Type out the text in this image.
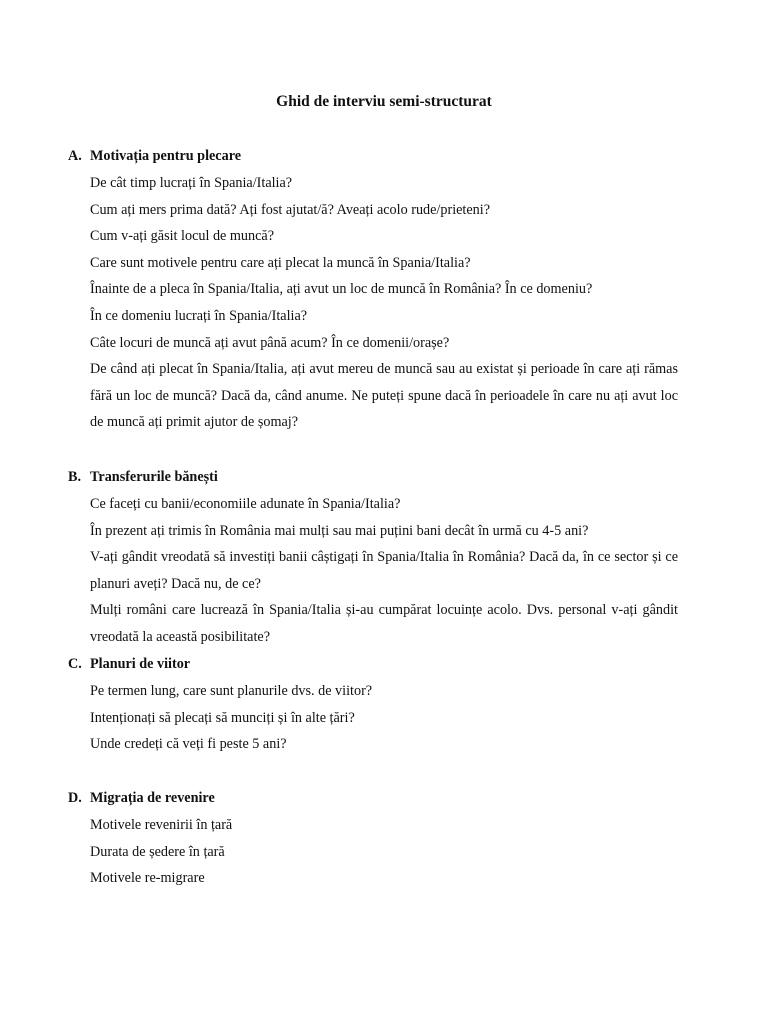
Ghid de interviu semi-structurat
A. Motivația pentru plecare
De cât timp lucrați în Spania/Italia?
Cum ați mers prima dată? Ați fost ajutat/ă? Aveați acolo rude/prieteni?
Cum v-ați găsit locul de muncă?
Care sunt motivele pentru care ați plecat la muncă în Spania/Italia?
Înainte de a pleca în Spania/Italia, ați avut un loc de muncă în România? În ce domeniu?
În ce domeniu lucrați în Spania/Italia?
Câte locuri de muncă ați avut până acum? În ce domenii/orașe?
De când ați plecat în Spania/Italia, ați avut mereu de muncă sau au existat și perioade în care ați rămas fără un loc de muncă? Dacă da, când anume. Ne puteți spune dacă în perioadele în care nu ați avut loc de muncă ați primit ajutor de șomaj?
B. Transferurile bănești
Ce faceți cu banii/economiile adunate în Spania/Italia?
În prezent ați trimis în România mai mulți sau mai puțini bani decât în urmă cu 4-5 ani?
V-ați gândit vreodată să investiți banii câștigați în Spania/Italia în România? Dacă da, în ce sector și ce planuri aveți? Dacă nu, de ce?
Mulți români care lucrează în Spania/Italia și-au cumpărat locuințe acolo. Dvs. personal v-ați gândit vreodată la această posibilitate?
C. Planuri de viitor
Pe termen lung, care sunt planurile dvs. de viitor?
Intenționați să plecați să munciți și în alte țări?
Unde credeți că veți fi peste 5 ani?
D. Migrația de revenire
Motivele revenirii în țară
Durata de ședere în țară
Motivele re-migrare
